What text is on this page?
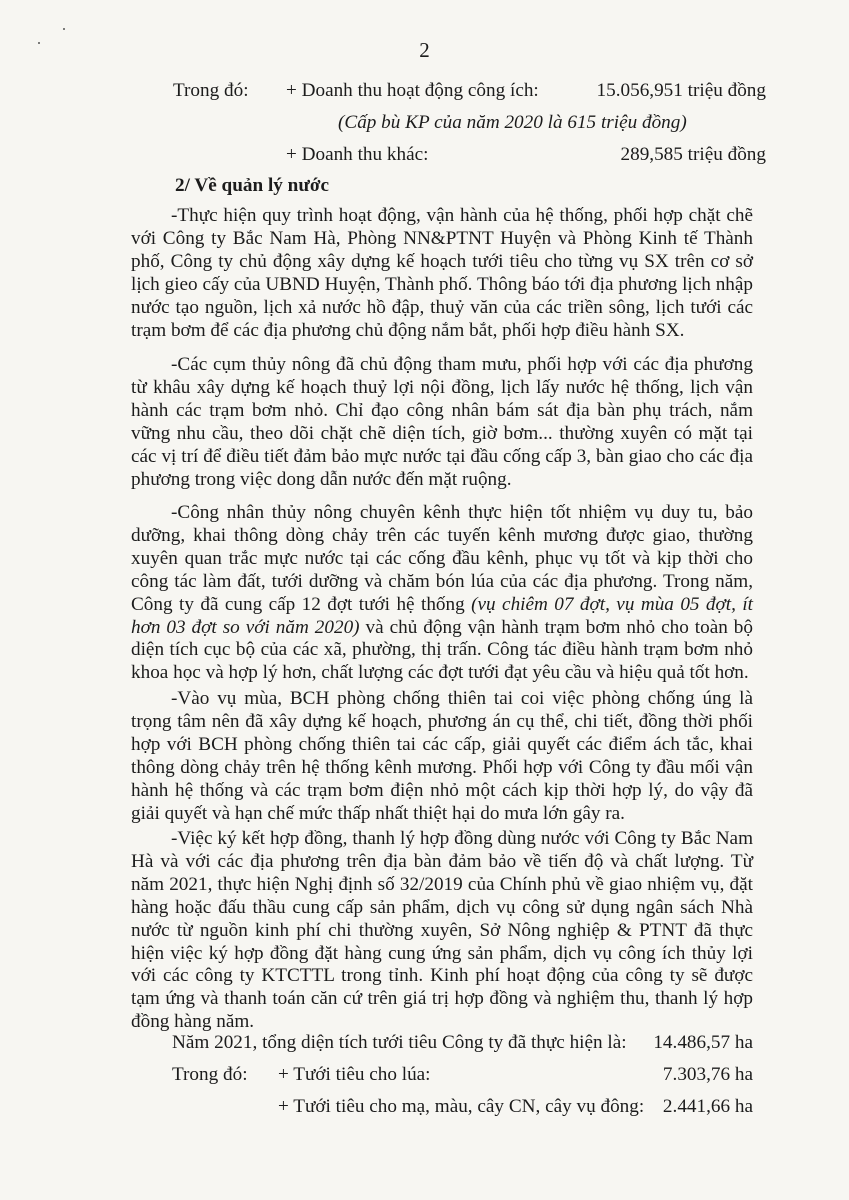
2
Trong đó: + Doanh thu hoạt động công ích:	15.056,951 triệu đồng
(Cấp bù KP của năm 2020 là 615 triệu đồng)
+ Doanh thu khác:	289,585 triệu đồng
2/ Về quản lý nước
-Thực hiện quy trình hoạt động, vận hành của hệ thống, phối hợp chặt chẽ với Công ty Bắc Nam Hà, Phòng NN&PTNT Huyện và Phòng Kinh tế Thành phố, Công ty chủ động xây dựng kế hoạch tưới tiêu cho từng vụ SX trên cơ sở lịch gieo cấy của UBND Huyện, Thành phố. Thông báo tới địa phương lịch nhập nước tạo nguồn, lịch xả nước hồ đập, thuỷ văn của các triền sông, lịch tưới các trạm bơm để các địa phương chủ động nắm bắt, phối hợp điều hành SX.
-Các cụm thủy nông đã chủ động tham mưu, phối hợp với các địa phương từ khâu xây dựng kế hoạch thuỷ lợi nội đồng, lịch lấy nước hệ thống, lịch vận hành các trạm bơm nhỏ. Chỉ đạo công nhân bám sát địa bàn phụ trách, nắm vững nhu cầu, theo dõi chặt chẽ diện tích, giờ bơm... thường xuyên có mặt tại các vị trí để điều tiết đảm bảo mực nước tại đầu cống cấp 3, bàn giao cho các địa phương trong việc dong dẫn nước đến mặt ruộng.
-Công nhân thủy nông chuyên kênh thực hiện tốt nhiệm vụ duy tu, bảo dưỡng, khai thông dòng chảy trên các tuyến kênh mương được giao, thường xuyên quan trắc mực nước tại các cống đầu kênh, phục vụ tốt và kịp thời cho công tác làm đất, tưới dưỡng và chăm bón lúa của các địa phương. Trong năm, Công ty đã cung cấp 12 đợt tưới hệ thống (vụ chiêm 07 đợt, vụ mùa 05 đợt, ít hơn 03 đợt so với năm 2020) và chủ động vận hành trạm bơm nhỏ cho toàn bộ diện tích cục bộ của các xã, phường, thị trấn. Công tác điều hành trạm bơm nhỏ khoa học và hợp lý hơn, chất lượng các đợt tưới đạt yêu cầu và hiệu quả tốt hơn.
-Vào vụ mùa, BCH phòng chống thiên tai coi việc phòng chống úng là trọng tâm nên đã xây dựng kế hoạch, phương án cụ thể, chi tiết, đồng thời phối hợp với BCH phòng chống thiên tai các cấp, giải quyết các điểm ách tắc, khai thông dòng chảy trên hệ thống kênh mương. Phối hợp với Công ty đầu mối vận hành hệ thống và các trạm bơm điện nhỏ một cách kịp thời hợp lý, do vậy đã giải quyết và hạn chế mức thấp nhất thiệt hại do mưa lớn gây ra.
-Việc ký kết hợp đồng, thanh lý hợp đồng dùng nước với Công ty Bắc Nam Hà và với các địa phương trên địa bàn đảm bảo về tiến độ và chất lượng. Từ năm 2021, thực hiện Nghị định số 32/2019 của Chính phủ về giao nhiệm vụ, đặt hàng hoặc đấu thầu cung cấp sản phẩm, dịch vụ công sử dụng ngân sách Nhà nước từ nguồn kinh phí chi thường xuyên, Sở Nông nghiệp & PTNT đã thực hiện việc ký hợp đồng đặt hàng cung ứng sản phẩm, dịch vụ công ích thủy lợi với các công ty KTCTTL trong tỉnh. Kinh phí hoạt động của công ty sẽ được tạm ứng và thanh toán căn cứ trên giá trị hợp đồng và nghiệm thu, thanh lý hợp đồng hàng năm.
Năm 2021, tổng diện tích tưới tiêu Công ty đã thực hiện là:	14.486,57 ha
Trong đó: + Tưới tiêu cho lúa:	7.303,76 ha
+ Tưới tiêu cho mạ, màu, cây CN, cây vụ đông: 2.441,66 ha
